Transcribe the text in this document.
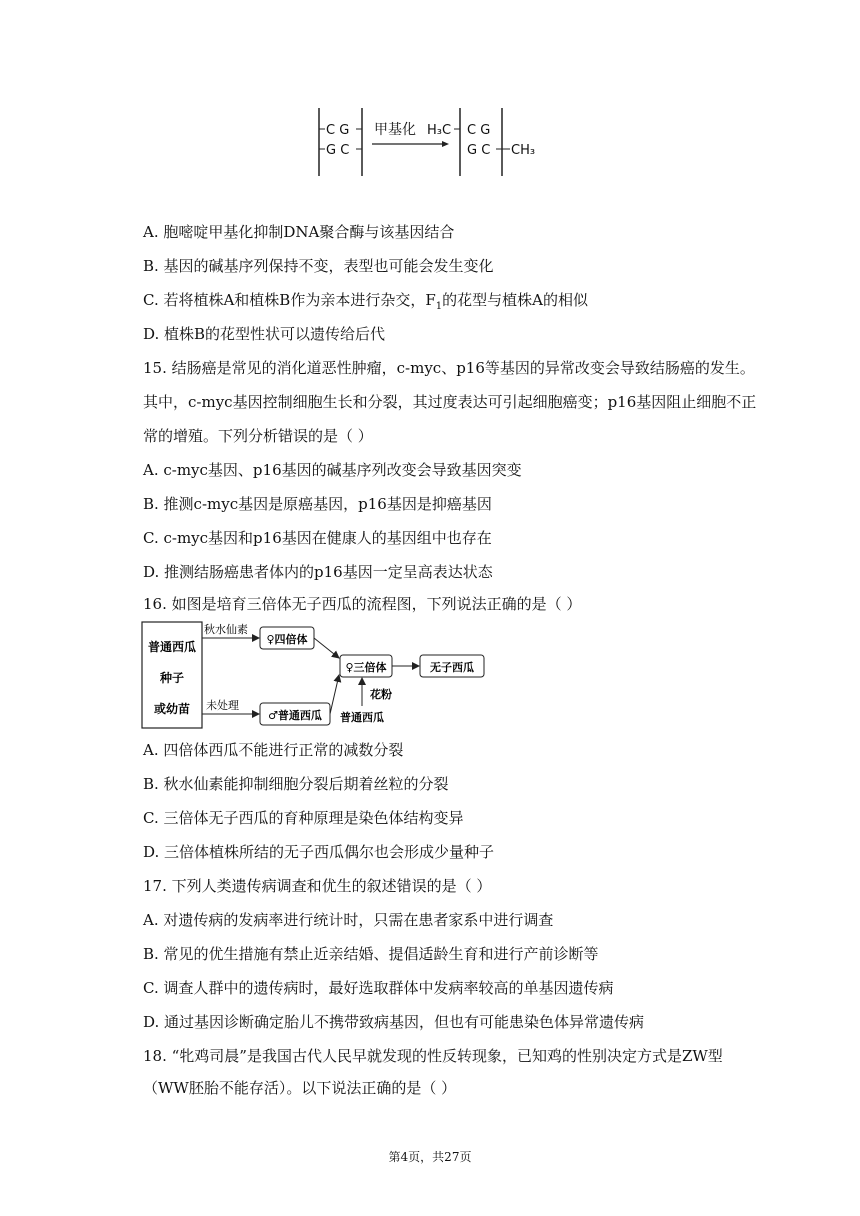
C G
G C
甲基化 H₃C C G
G C CH₃
A. 胞嘧啶甲基化抑制DNA聚合酶与该基因结合
B. 基因的碱基序列保持不变，表型也可能会发生变化
C. 若将植株A和植株B作为亲本进行杂交，$F_1$的花型与植株A的相似
D. 植株B的花型性状可以遗传给后代
15. 结肠癌是常见的消化道恶性肿瘤，c-myc、p16等基因的异常改变会导致结肠癌的发生。
其中，c-myc基因控制细胞生长和分裂，其过度表达可引起细胞癌变；p16基因阻止细胞不正
常的增殖。下列分析错误的是（ ）
A. c-myc基因、p16基因的碱基序列改变会导致基因突变
B. 推测c-myc基因是原癌基因，p16基因是抑癌基因
C. c-myc基因和p16基因在健康人的基因组中也存在
D. 推测结肠癌患者体内的p16基因一定呈高表达状态
16. 如图是培育三倍体无子西瓜的流程图，下列说法正确的是（ ）
普通西瓜
种子
或幼苗
秋水仙素
♀四倍体
未处理
♂普通西瓜
♀三倍体	无子西瓜
花粉
普通西瓜
A. 四倍体西瓜不能进行正常的减数分裂
B. 秋水仙素能抑制细胞分裂后期着丝粒的分裂
C. 三倍体无子西瓜的育种原理是染色体结构变异
D. 三倍体植株所结的无子西瓜偶尔也会形成少量种子
17. 下列人类遗传病调查和优生的叙述错误的是（ ）
A. 对遗传病的发病率进行统计时，只需在患者家系中进行调查
B. 常见的优生措施有禁止近亲结婚、提倡适龄生育和进行产前诊断等
C. 调查人群中的遗传病时，最好选取群体中发病率较高的单基因遗传病
D. 通过基因诊断确定胎儿不携带致病基因，但也有可能患染色体异常遗传病
18. “牝鸡司晨”是我国古代人民早就发现的性反转现象，已知鸡的性别决定方式是ZW型
（WW胚胎不能存活）。以下说法正确的是（ ）
第4页，共27页
